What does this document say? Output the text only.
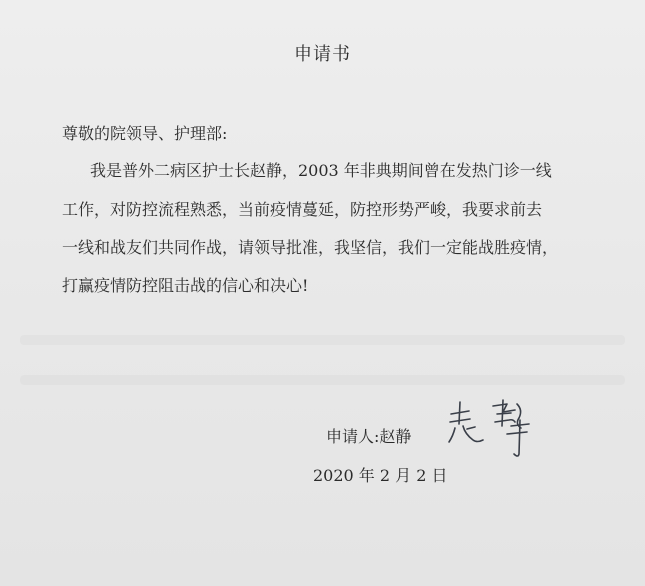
申请书
尊敬的院领导、护理部:
我是普外二病区护士长赵静，2003 年非典期间曾在发热门诊一线
工作，对防控流程熟悉，当前疫情蔓延，防控形势严峻，我要求前去
一线和战友们共同作战，请领导批准，我坚信，我们一定能战胜疫情，
打赢疫情防控阻击战的信心和决心!
申请人:赵静
2020 年 2 月 2 日
